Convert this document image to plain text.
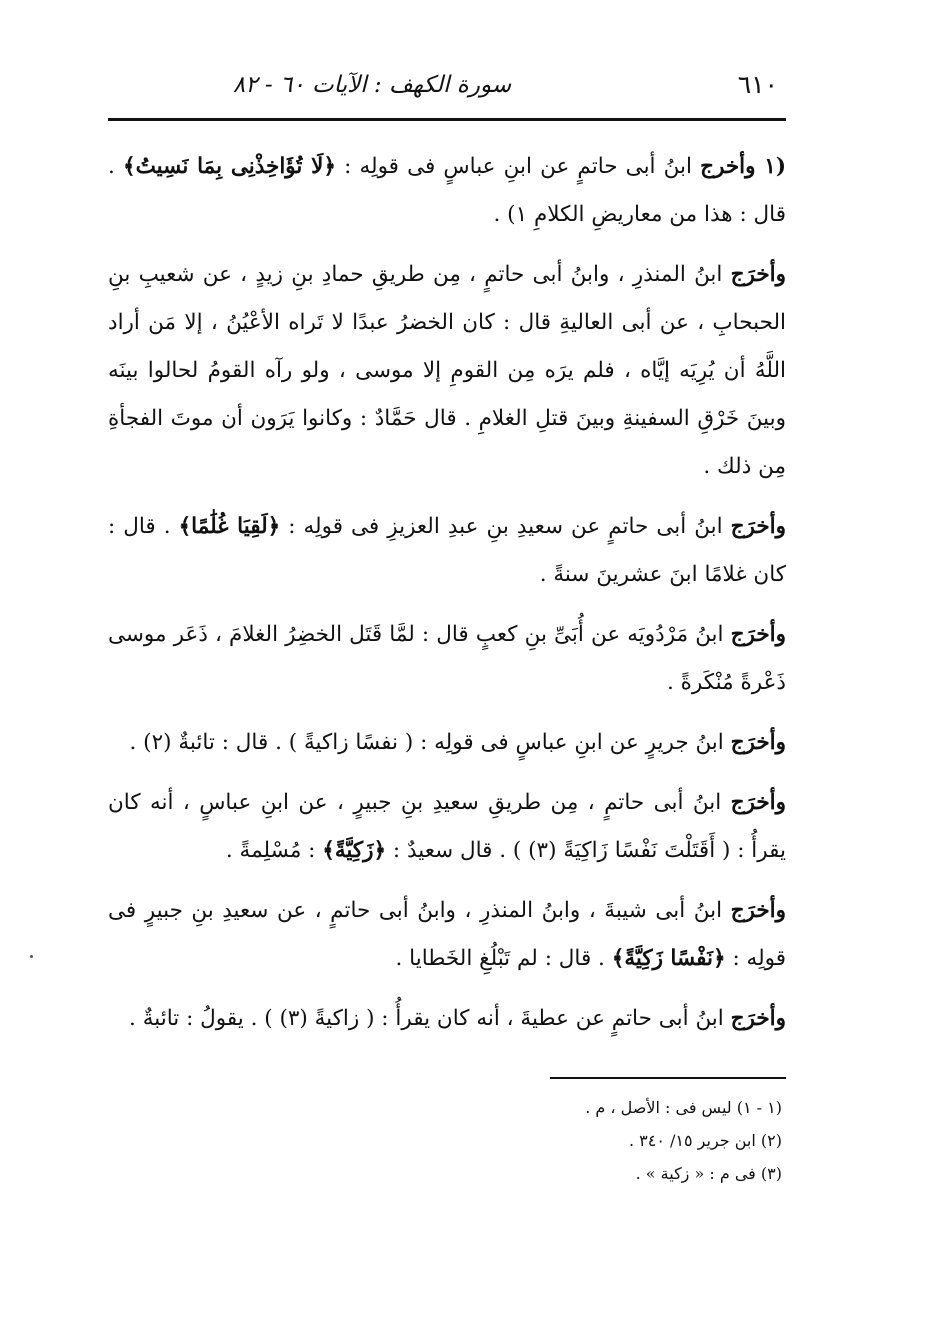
٦١٠
سورة الكهف : الآيات ٦٠ - ٨٢

(١ وأخرج ابنُ أبى حاتمٍ عن ابنِ عباسٍ فى قولِه : ﴿لَا تُؤَاخِذْنِى بِمَا نَسِيتُ﴾ . قال : هذا من معاريضِ الكلامِ ١) .

وأخرَج ابنُ المنذرِ ، وابنُ أبى حاتمٍ ، مِن طريقِ حمادِ بنِ زيدٍ ، عن شعيبِ بنِ الحبحابِ ، عن أبى العاليةِ قال : كان الخضرُ عبدًا لا تَراه الأعْيُنُ ، إلا مَن أراد اللَّهُ أن يُرِيَه إيَّاه ، فلم يرَه مِن القومِ إلا موسى ، ولو رآه القومُ لحالوا بينَه وبينَ خَرْقِ السفينةِ وبينَ قتلِ الغلامِ . قال حَمَّادٌ : وكانوا يَرَون أن موتَ الفجأةِ مِن ذلك .

وأخرَج ابنُ أبى حاتمٍ عن سعيدِ بنِ عبدِ العزيزِ فى قولِه : ﴿لَقِيَا غُلَٰمًا﴾ . قال : كان غلامًا ابنَ عشرينَ سنةً .

وأخرَج ابنُ مَرْدُويَه عن أُبَىِّ بنِ كعبٍ قال : لمَّا قَتَل الخضِرُ الغلامَ ، ذَعَر موسى ذَعْرةً مُنْكَرةً .

وأخرَج ابنُ جريرٍ عن ابنِ عباسٍ فى قولِه : ( نفسًا زاكيةً ) . قال : تائبةٌ (٢) .

وأخرَج ابنُ أبى حاتمٍ ، مِن طريقِ سعيدِ بنِ جبيرٍ ، عن ابنِ عباسٍ ، أنه كان يقرأُ : ( أَقَتَلْتَ نَفْسًا زَاكِيَةً (٣) ) . قال سعيدٌ : ﴿زَكِيَّةً﴾ : مُسْلِمةً .

وأخرَج ابنُ أبى شيبةَ ، وابنُ المنذرِ ، وابنُ أبى حاتمٍ ، عن سعيدِ بنِ جبيرٍ فى قولِه : ﴿نَفْسًا زَكِيَّةً﴾ . قال : لم تَبْلُغِ الخَطايا .

وأخرَج ابنُ أبى حاتمٍ عن عطيةَ ، أنه كان يقرأُ : ( زاكيةً (٣) ) . يقولُ : تائبةٌ .

(١ - ١) ليس فى : الأصل ، م .

(٢) ابن جرير ١٥/ ٣٤٠ .

(٣) فى م : « زكية » .
